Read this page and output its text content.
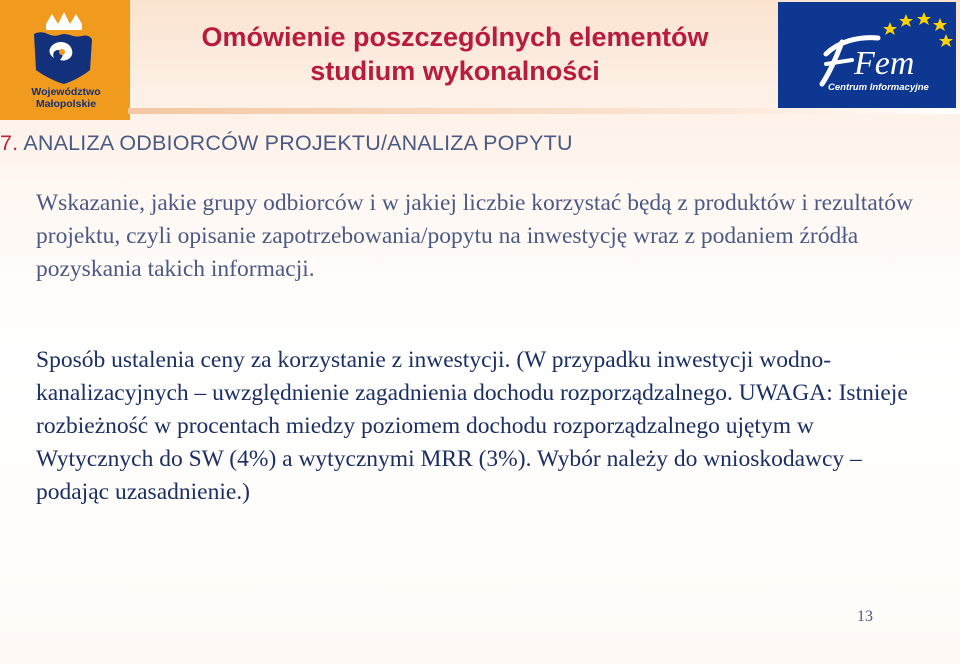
Województwo
Małopolskie
Omówienie poszczególnych elementów
studium wykonalności	Fem
Centrum Informacyjne
7. ANALIZA ODBIORCÓW PROJEKTU/ANALIZA POPYTU
Wskazanie, jakie grupy odbiorców i w jakiej liczbie korzystać będą z produktów i rezultatów projektu, czyli opisanie zapotrzebowania/popytu na inwestycję wraz z podaniem źródła pozyskania takich informacji.
Sposób ustalenia ceny za korzystanie z inwestycji. (W przypadku inwestycji wodno-kanalizacyjnych – uwzględnienie zagadnienia dochodu rozporządzalnego. UWAGA: Istnieje rozbieżność w procentach miedzy poziomem dochodu rozporządzalnego ujętym w Wytycznych do SW (4%) a wytycznymi MRR (3%). Wybór należy do wnioskodawcy – podając uzasadnienie.)
13
